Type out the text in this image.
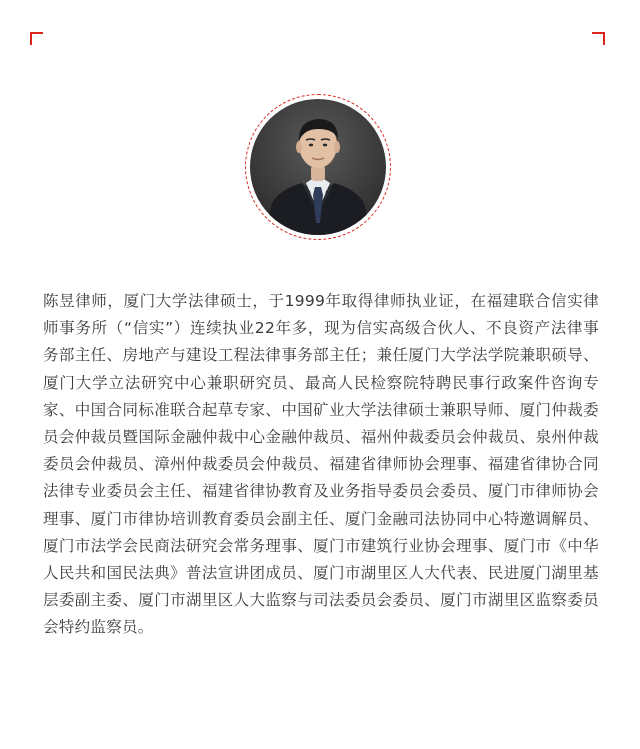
陈昱律师，厦门大学法律硕士，于1999年取得律师执业证，在福建联合信实律师事务所（“信实”）连续执业22年多，现为信实高级合伙人、不良资产法律事务部主任、房地产与建设工程法律事务部主任；兼任厦门大学法学院兼职硕导、厦门大学立法研究中心兼职研究员、最高人民检察院特聘民事行政案件咨询专家、中国合同标准联合起草专家、中国矿业大学法律硕士兼职导师、厦门仲裁委员会仲裁员暨国际金融仲裁中心金融仲裁员、福州仲裁委员会仲裁员、泉州仲裁委员会仲裁员、漳州仲裁委员会仲裁员、福建省律师协会理事、福建省律协合同法律专业委员会主任、福建省律协教育及业务指导委员会委员、厦门市律师协会理事、厦门市律协培训教育委员会副主任、厦门金融司法协同中心特邀调解员、厦门市法学会民商法研究会常务理事、厦门市建筑行业协会理事、厦门市《中华人民共和国民法典》普法宣讲团成员、厦门市湖里区人大代表、民进厦门湖里基层委副主委、厦门市湖里区人大监察与司法委员会委员、厦门市湖里区监察委员会特约监察员。
